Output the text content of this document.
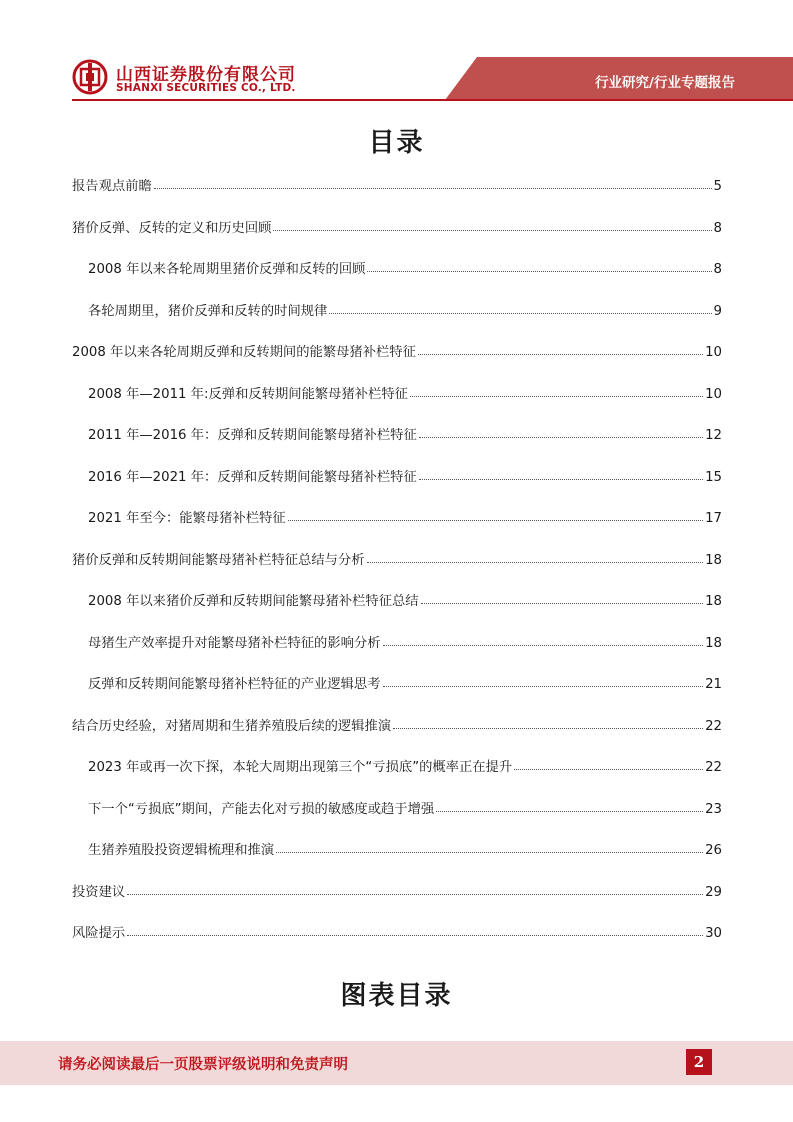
山西证券股份有限公司
SHANXI SECURITIES CO., LTD.	行业研究/行业专题报告
目录
报告观点前瞻	5
猪价反弹、反转的定义和历史回顾	8
2008 年以来各轮周期里猪价反弹和反转的回顾	8
各轮周期里，猪价反弹和反转的时间规律	9
2008 年以来各轮周期反弹和反转期间的能繁母猪补栏特征	10
2008 年—2011 年:反弹和反转期间能繁母猪补栏特征	10
2011 年—2016 年：反弹和反转期间能繁母猪补栏特征	12
2016 年—2021 年：反弹和反转期间能繁母猪补栏特征	15
2021 年至今：能繁母猪补栏特征	17
猪价反弹和反转期间能繁母猪补栏特征总结与分析	18
2008 年以来猪价反弹和反转期间能繁母猪补栏特征总结	18
母猪生产效率提升对能繁母猪补栏特征的影响分析	18
反弹和反转期间能繁母猪补栏特征的产业逻辑思考	21
结合历史经验，对猪周期和生猪养殖股后续的逻辑推演	22
2023 年或再一次下探，本轮大周期出现第三个“亏损底”的概率正在提升	22
下一个“亏损底”期间，产能去化对亏损的敏感度或趋于增强	23
生猪养殖股投资逻辑梳理和推演	26
投资建议	29
风险提示	30
图表目录
请务必阅读最后一页股票评级说明和免责声明	2
